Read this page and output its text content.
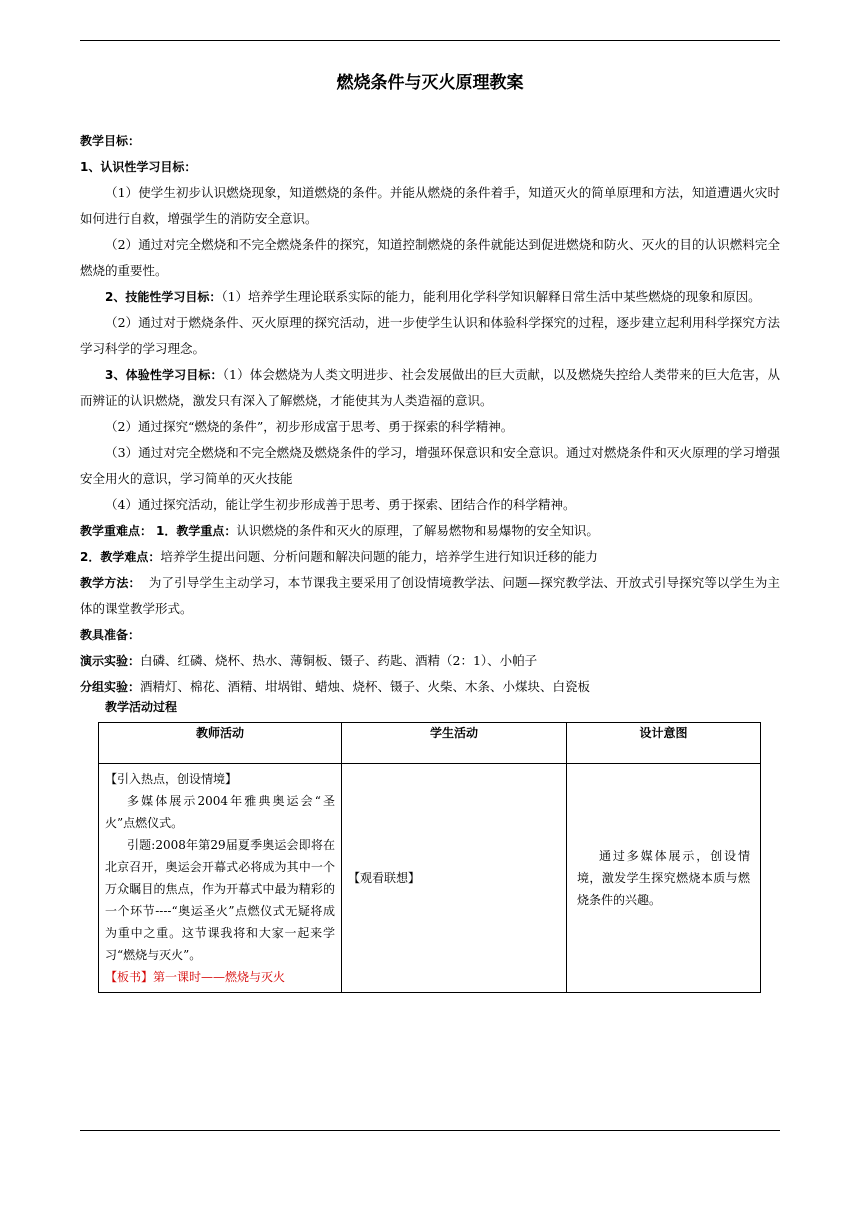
燃烧条件与灭火原理教案

教学目标：

1、认识性学习目标：

（1）使学生初步认识燃烧现象，知道燃烧的条件。并能从燃烧的条件着手，知道灭火的简单原理和方法，知道遭遇火灾时如何进行自救，增强学生的消防安全意识。

（2）通过对完全燃烧和不完全燃烧条件的探究，知道控制燃烧的条件就能达到促进燃烧和防火、灭火的目的认识燃料完全燃烧的重要性。

2、技能性学习目标：（1）培养学生理论联系实际的能力，能利用化学科学知识解释日常生活中某些燃烧的现象和原因。

（2）通过对于燃烧条件、灭火原理的探究活动，进一步使学生认识和体验科学探究的过程，逐步建立起利用科学探究方法学习科学的学习理念。

3、体验性学习目标：（1）体会燃烧为人类文明进步、社会发展做出的巨大贡献，以及燃烧失控给人类带来的巨大危害，从而辨证的认识燃烧，激发只有深入了解燃烧，才能使其为人类造福的意识。

（2）通过探究“燃烧的条件”，初步形成富于思考、勇于探索的科学精神。

（3）通过对完全燃烧和不完全燃烧及燃烧条件的学习，增强环保意识和安全意识。通过对燃烧条件和灭火原理的学习增强安全用火的意识，学习简单的灭火技能

（4）通过探究活动，能让学生初步形成善于思考、勇于探索、团结合作的科学精神。

教学重难点： 1．教学重点：认识燃烧的条件和灭火的原理，了解易燃物和易爆物的安全知识。

2．教学难点：培养学生提出问题、分析问题和解决问题的能力，培养学生进行知识迁移的能力

教学方法： 为了引导学生主动学习，本节课我主要采用了创设情境教学法、问题—探究教学法、开放式引导探究等以学生为主体的课堂教学形式。

教具准备：

演示实验：白磷、红磷、烧杯、热水、薄铜板、镊子、药匙、酒精（2：1）、小帕子

分组实验：酒精灯、棉花、酒精、坩埚钳、蜡烛、烧杯、镊子、火柴、木条、小煤块、白瓷板

教学活动过程
教师活动	学生活动	设计意图
【引入热点，创设情境】
多媒体展示2004年雅典奥运会“圣火”点燃仪式。
引题:2008年第29届夏季奥运会即将在北京召开，奥运会开幕式必将成为其中一个万众瞩目的焦点，作为开幕式中最为精彩的一个环节----“奥运圣火”点燃仪式无疑将成为重中之重。这节课我将和大家一起来学习“燃烧与灭火”。
【板书】第一课时——燃烧与灭火	【观看联想】	通过多媒体展示，创设情境，激发学生探究燃烧本质与燃烧条件的兴趣。
